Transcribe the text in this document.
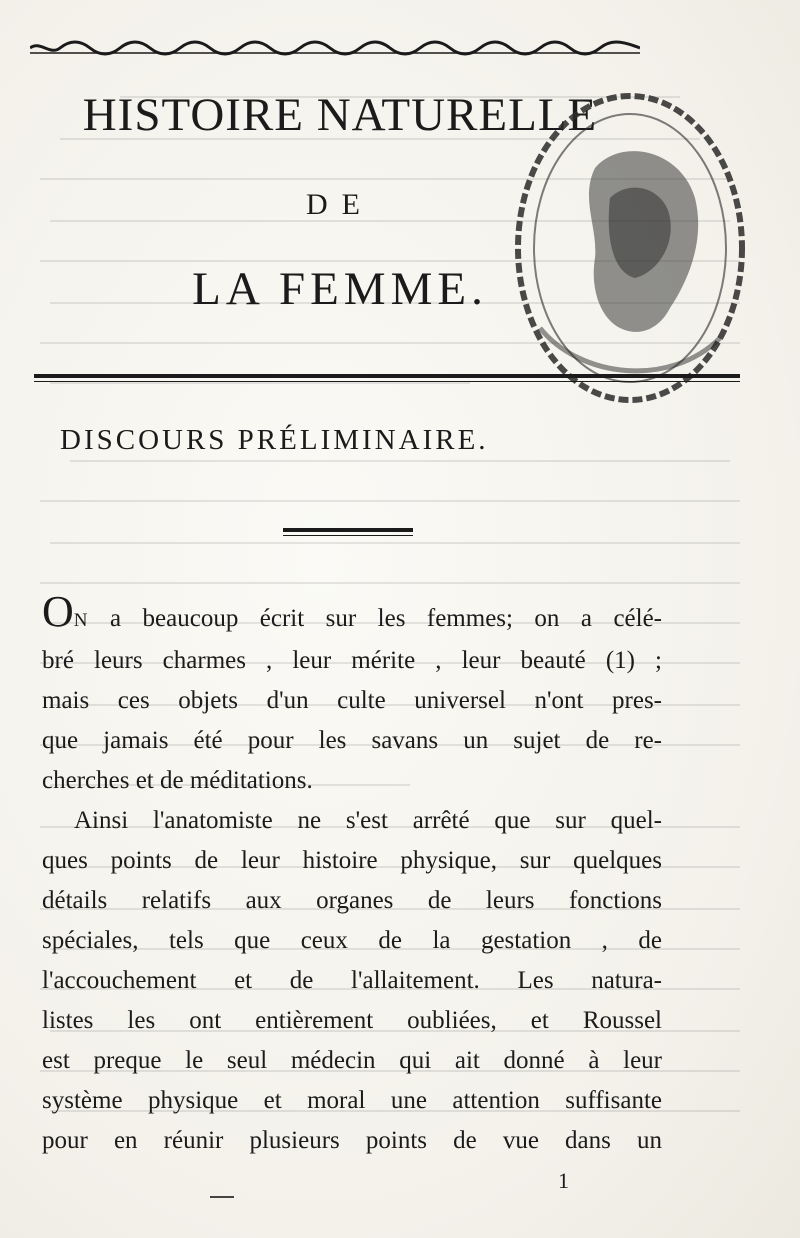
HISTOIRE NATURELLE
DE
LA FEMME.
DISCOURS PRÉLIMINAIRE.
ON a beaucoup écrit sur les femmes; on a célé-
bré leurs charmes , leur mérite , leur beauté (1) ;
mais ces objets d'un culte universel n'ont pres-
que jamais été pour les savans un sujet de re-
cherches et de méditations.
Ainsi l'anatomiste ne s'est arrêté que sur quel-
ques points de leur histoire physique, sur quelques
détails relatifs aux organes de leurs fonctions
spéciales, tels que ceux de la gestation , de
l'accouchement et de l'allaitement. Les natura-
listes les ont entièrement oubliées, et Roussel
est preque le seul médecin qui ait donné à leur
système physique et moral une attention suffisante
pour en réunir plusieurs points de vue dans un
1
